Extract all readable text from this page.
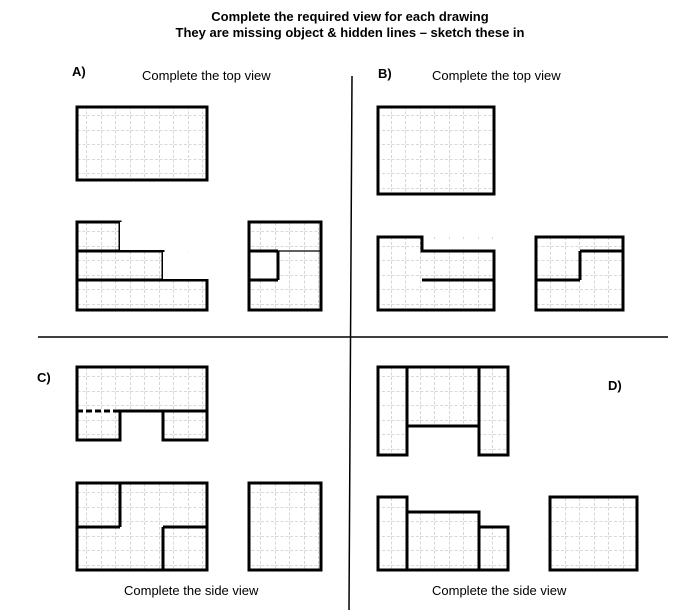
Complete the required view for each drawing
They are missing object & hidden lines – sketch these in
A)	Complete the top view	B)	Complete the top view
C)
Complete the side view
D)
Complete the side view
